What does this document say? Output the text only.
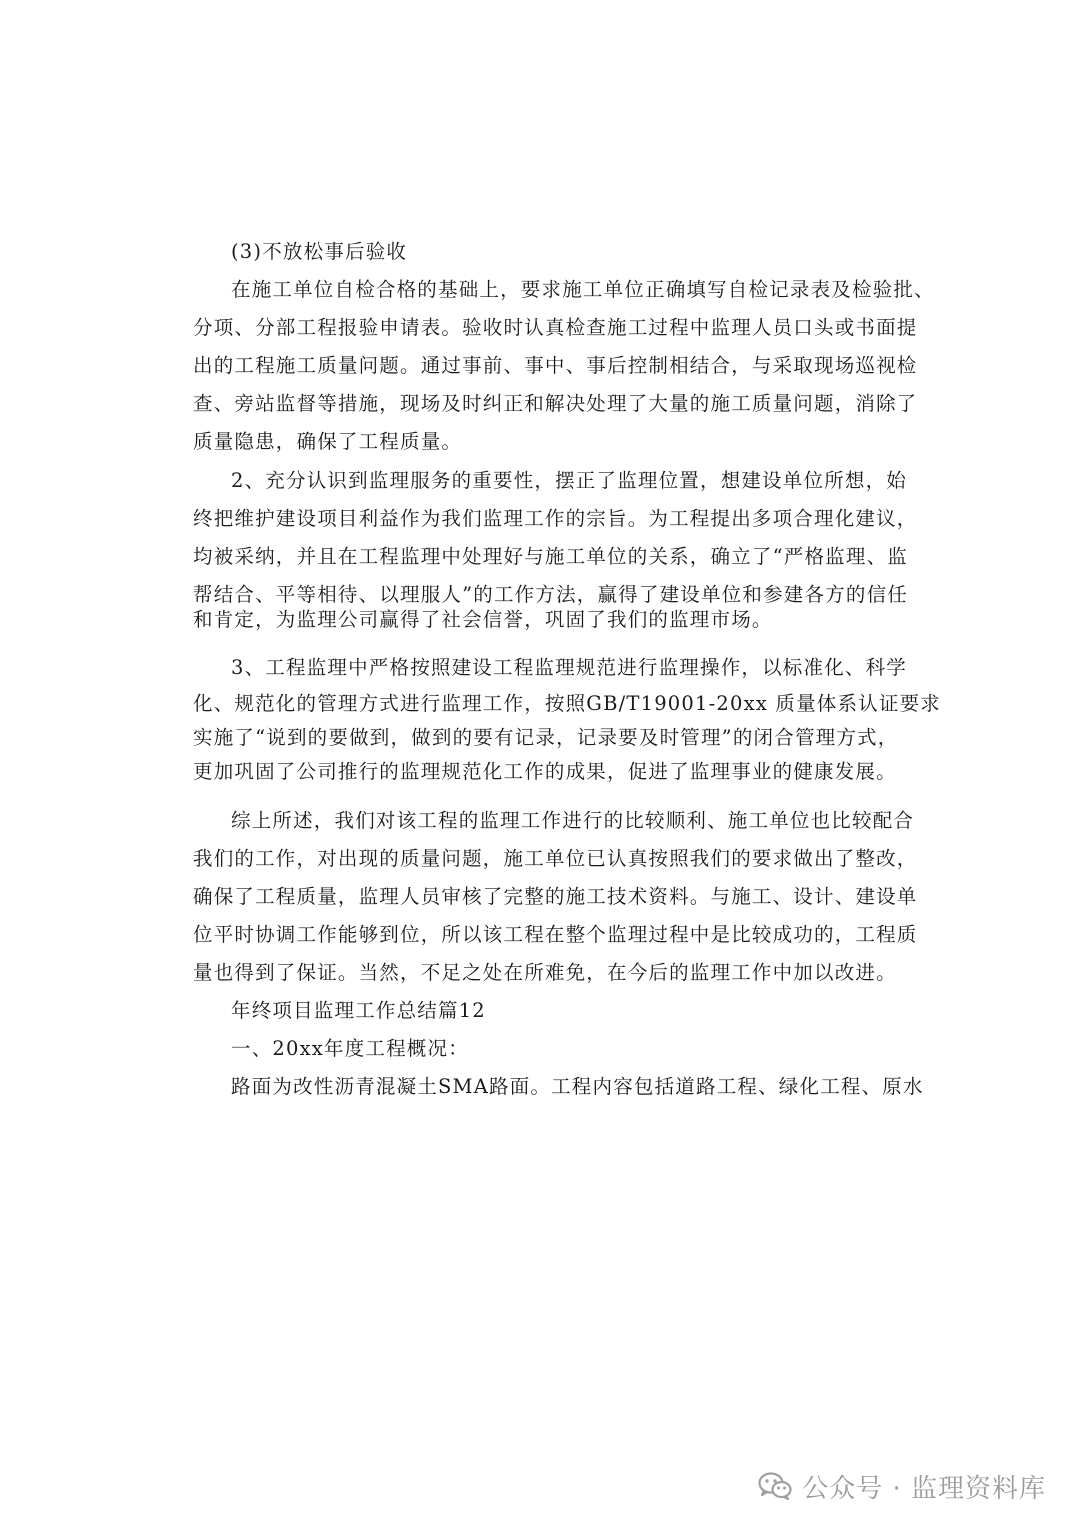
(3)不放松事后验收
在施工单位自检合格的基础上，要求施工单位正确填写自检记录表及检验批、
分项、分部工程报验申请表。验收时认真检查施工过程中监理人员口头或书面提
出的工程施工质量问题。通过事前、事中、事后控制相结合，与采取现场巡视检
查、旁站监督等措施，现场及时纠正和解决处理了大量的施工质量问题，消除了
质量隐患，确保了工程质量。
2、充分认识到监理服务的重要性，摆正了监理位置，想建设单位所想，始
终把维护建设项目利益作为我们监理工作的宗旨。为工程提出多项合理化建议，
均被采纳，并且在工程监理中处理好与施工单位的关系，确立了“严格监理、监
帮结合、平等相待、以理服人”的工作方法，赢得了建设单位和参建各方的信任
和肯定，为监理公司赢得了社会信誉，巩固了我们的监理市场。
3、工程监理中严格按照建设工程监理规范进行监理操作，以标准化、科学
化、规范化的管理方式进行监理工作，按照GB/T19001-20xx 质量体系认证要求
实施了“说到的要做到，做到的要有记录，记录要及时管理”的闭合管理方式，
更加巩固了公司推行的监理规范化工作的成果，促进了监理事业的健康发展。
综上所述，我们对该工程的监理工作进行的比较顺利、施工单位也比较配合
我们的工作，对出现的质量问题，施工单位已认真按照我们的要求做出了整改，
确保了工程质量，监理人员审核了完整的施工技术资料。与施工、设计、建设单
位平时协调工作能够到位，所以该工程在整个监理过程中是比较成功的，工程质
量也得到了保证。当然，不足之处在所难免，在今后的监理工作中加以改进。
年终项目监理工作总结篇12
一、20xx年度工程概况：
路面为改性沥青混凝土SMA路面。工程内容包括道路工程、绿化工程、原水
公众号 · 监理资料库
